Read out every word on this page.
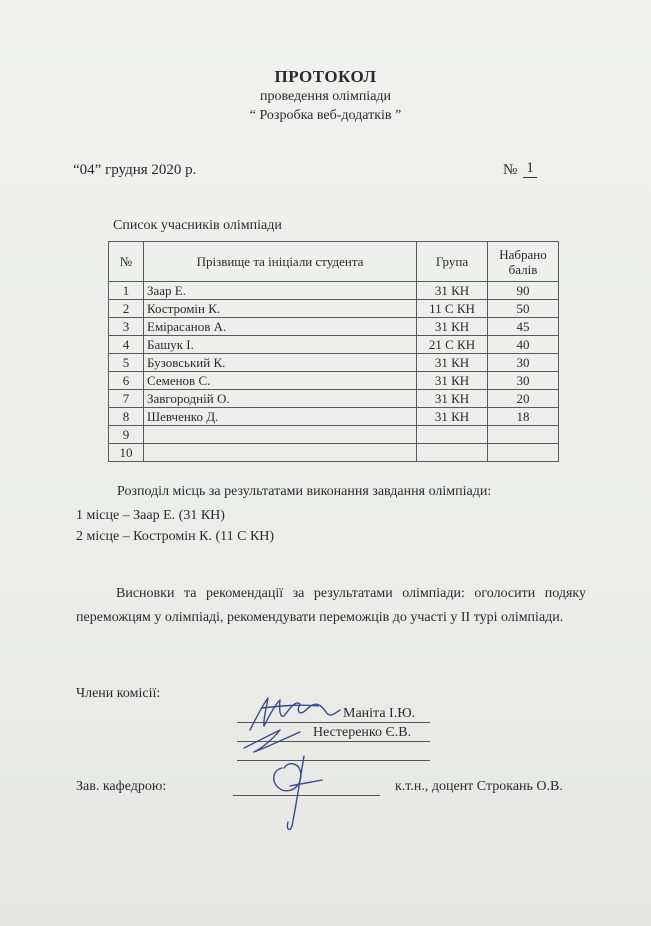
ПРОТОКОЛ
проведення олімпіади
“ Розробка веб-додатків ”
“04” грудня 2020 р.	№ 1
Список учасників олімпіади
№	Прізвище та ініціали студента	Група	Набрано балів
1	Заар Е.	31 КН	90
2	Костромін К.	11 С КН	50
3	Еміpасанов А.	31 КН	45
4	Башук І.	21 С КН	40
5	Бузовський К.	31 КН	30
6	Семенов С.	31 КН	30
7	Завгородній О.	31 КН	20
8	Шевченко Д.	31 КН	18
9			
10			
Розподіл місць за результатами виконання завдання олімпіади:
1 місце – Заар Е. (31 КН)
2 місце – Костромін К. (11 С КН)
Висновки та рекомендації за результатами олімпіади: оголосити подяку переможцям у олімпіаді, рекомендувати переможців до участі у ІІ турі олімпіади.
Члени комісії:
Маніта І.Ю.
Нестеренко Є.В.
Зав. кафедрою:	к.т.н., доцент Строкань О.В.
